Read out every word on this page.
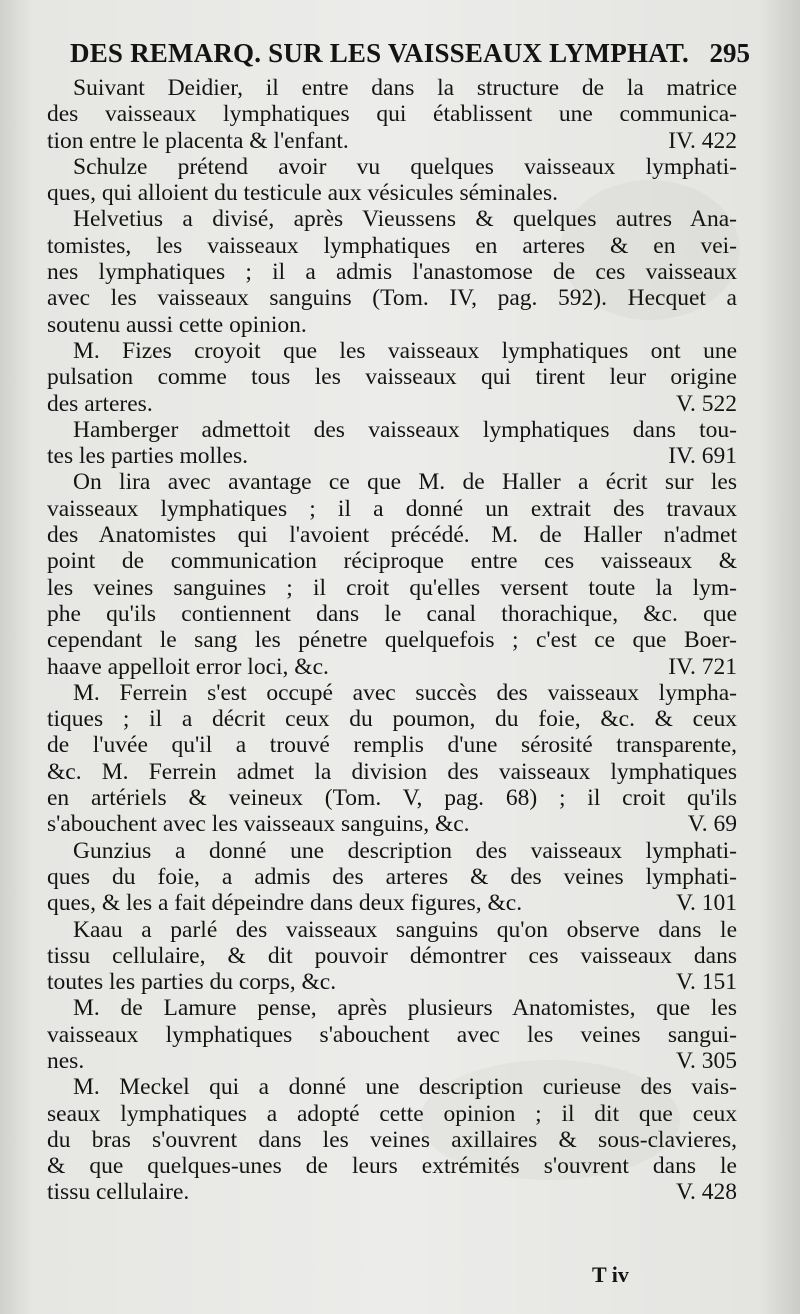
DES REMARQ. SUR LES VAISSEAUX LYMPHAT. 295
Suivant Deidier, il entre dans la structure de la matrice
des vaisseaux lymphatiques qui établissent une communica-
tion entre le placenta & l'enfant.	IV. 422
Schulze prétend avoir vu quelques vaisseaux lymphati-
ques, qui alloient du testicule aux vésicules séminales.
Helvetius a divisé, après Vieussens & quelques autres Ana-
tomistes, les vaisseaux lymphatiques en arteres & en vei-
nes lymphatiques ; il a admis l'anastomose de ces vaisseaux
avec les vaisseaux sanguins (Tom. IV, pag. 592). Hecquet a
soutenu aussi cette opinion.
M. Fizes croyoit que les vaisseaux lymphatiques ont une
pulsation comme tous les vaisseaux qui tirent leur origine
des arteres.	V. 522
Hamberger admettoit des vaisseaux lymphatiques dans tou-
tes les parties molles.	IV. 691
On lira avec avantage ce que M. de Haller a écrit sur les
vaisseaux lymphatiques ; il a donné un extrait des travaux
des Anatomistes qui l'avoient précédé. M. de Haller n'admet
point de communication réciproque entre ces vaisseaux &
les veines sanguines ; il croit qu'elles versent toute la lym-
phe qu'ils contiennent dans le canal thorachique, &c. que
cependant le sang les pénetre quelquefois ; c'est ce que Boer-
haave appelloit error loci, &c.	IV. 721
M. Ferrein s'est occupé avec succès des vaisseaux lympha-
tiques ; il a décrit ceux du poumon, du foie, &c. & ceux
de l'uvée qu'il a trouvé remplis d'une sérosité transparente,
&c. M. Ferrein admet la division des vaisseaux lymphatiques
en artériels & veineux (Tom. V, pag. 68) ; il croit qu'ils
s'abouchent avec les vaisseaux sanguins, &c.	V. 69
Gunzius a donné une description des vaisseaux lymphati-
ques du foie, a admis des arteres & des veines lymphati-
ques, & les a fait dépeindre dans deux figures, &c.	V. 101
Kaau a parlé des vaisseaux sanguins qu'on observe dans le
tissu cellulaire, & dit pouvoir démontrer ces vaisseaux dans
toutes les parties du corps, &c.	V. 151
M. de Lamure pense, après plusieurs Anatomistes, que les
vaisseaux lymphatiques s'abouchent avec les veines sangui-
nes.	V. 305
M. Meckel qui a donné une description curieuse des vais-
seaux lymphatiques a adopté cette opinion ; il dit que ceux
du bras s'ouvrent dans les veines axillaires & sous-clavieres,
& que quelques-unes de leurs extrémités s'ouvrent dans le
tissu cellulaire.	V. 428
T iv
